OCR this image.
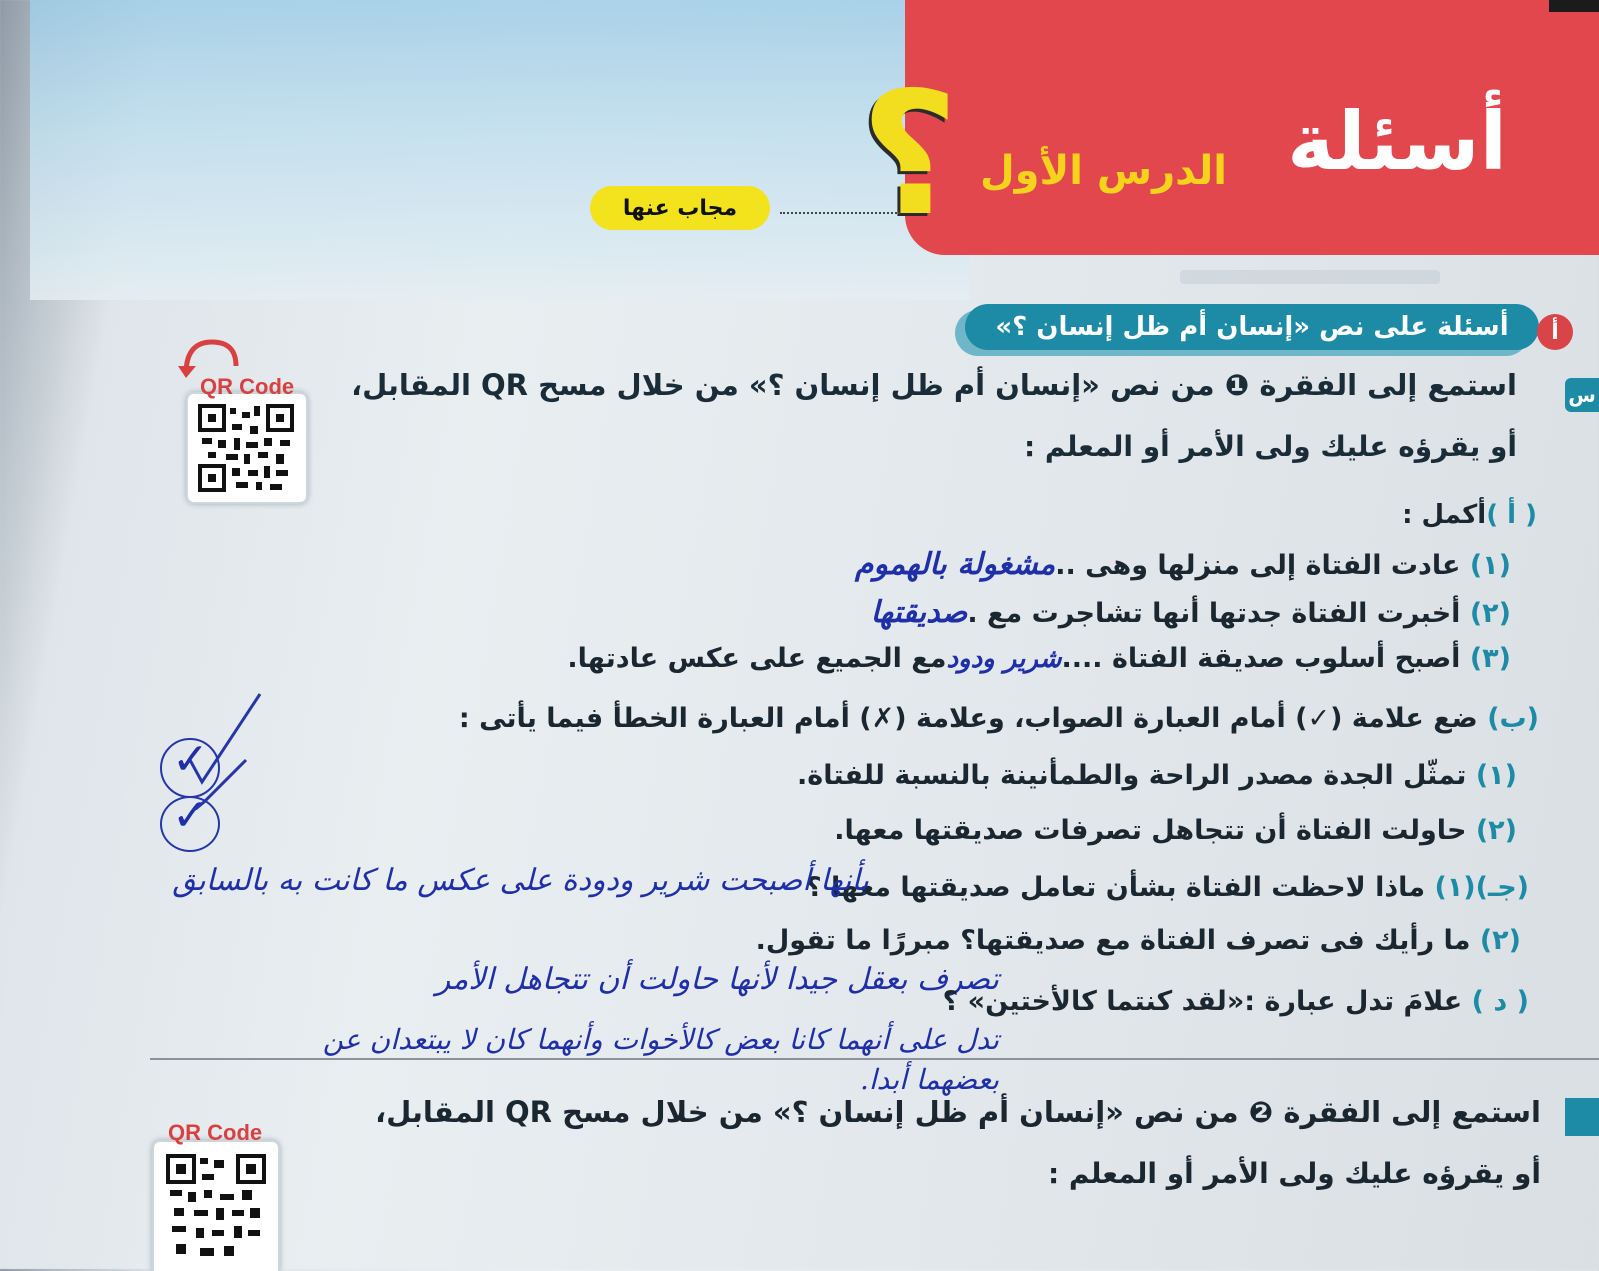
أسئلة
الدرس الأول
؟
مجاب عنها
أسئلة على نص «إنسان أم ظل إنسان ؟»	أ
QR Code	س
استمع إلى الفقرة ❶ من نص «إنسان أم ظل إنسان ؟» من خلال مسح QR المقابل،
أو يقرؤه عليك ولى الأمر أو المعلم :
( أ )أكمل :
(١) عادت الفتاة إلى منزلها وهى ..مشغولة بالهموم
(٢) أخبرت الفتاة جدتها أنها تشاجرت مع .صديقتها
(٣) أصبح أسلوب صديقة الفتاة ....شرير ودودمع الجميع على عكس عادتها.
(ب) ضع علامة (✓) أمام العبارة الصواب، وعلامة (✗) أمام العبارة الخطأ فيما يأتى :
(١) تمثّل الجدة مصدر الراحة والطمأنينة بالنسبة للفتاة.
(٢) حاولت الفتاة أن تتجاهل تصرفات صديقتها معها.
✓
✓
(جـ)(١) ماذا لاحظت الفتاة بشأن تعامل صديقتها معها ؟
بأنها أصبحت شرير ودودة على عكس ما كانت به بالسابق
(٢) ما رأيك فى تصرف الفتاة مع صديقتها؟ مبررًا ما تقول.
تصرف بعقل جيدا لأنها حاولت أن تتجاهل الأمر
( د ) علامَ تدل عبارة :«لقد كنتما كالأختين» ؟
تدل على أنهما كانا بعض كالأخوات وأنهما كان لا يبتعدان عن بعضهما أبدا.
استمع إلى الفقرة ❷ من نص «إنسان أم ظل إنسان ؟» من خلال مسح QR المقابل،
أو يقرؤه عليك ولى الأمر أو المعلم :
QR Code
